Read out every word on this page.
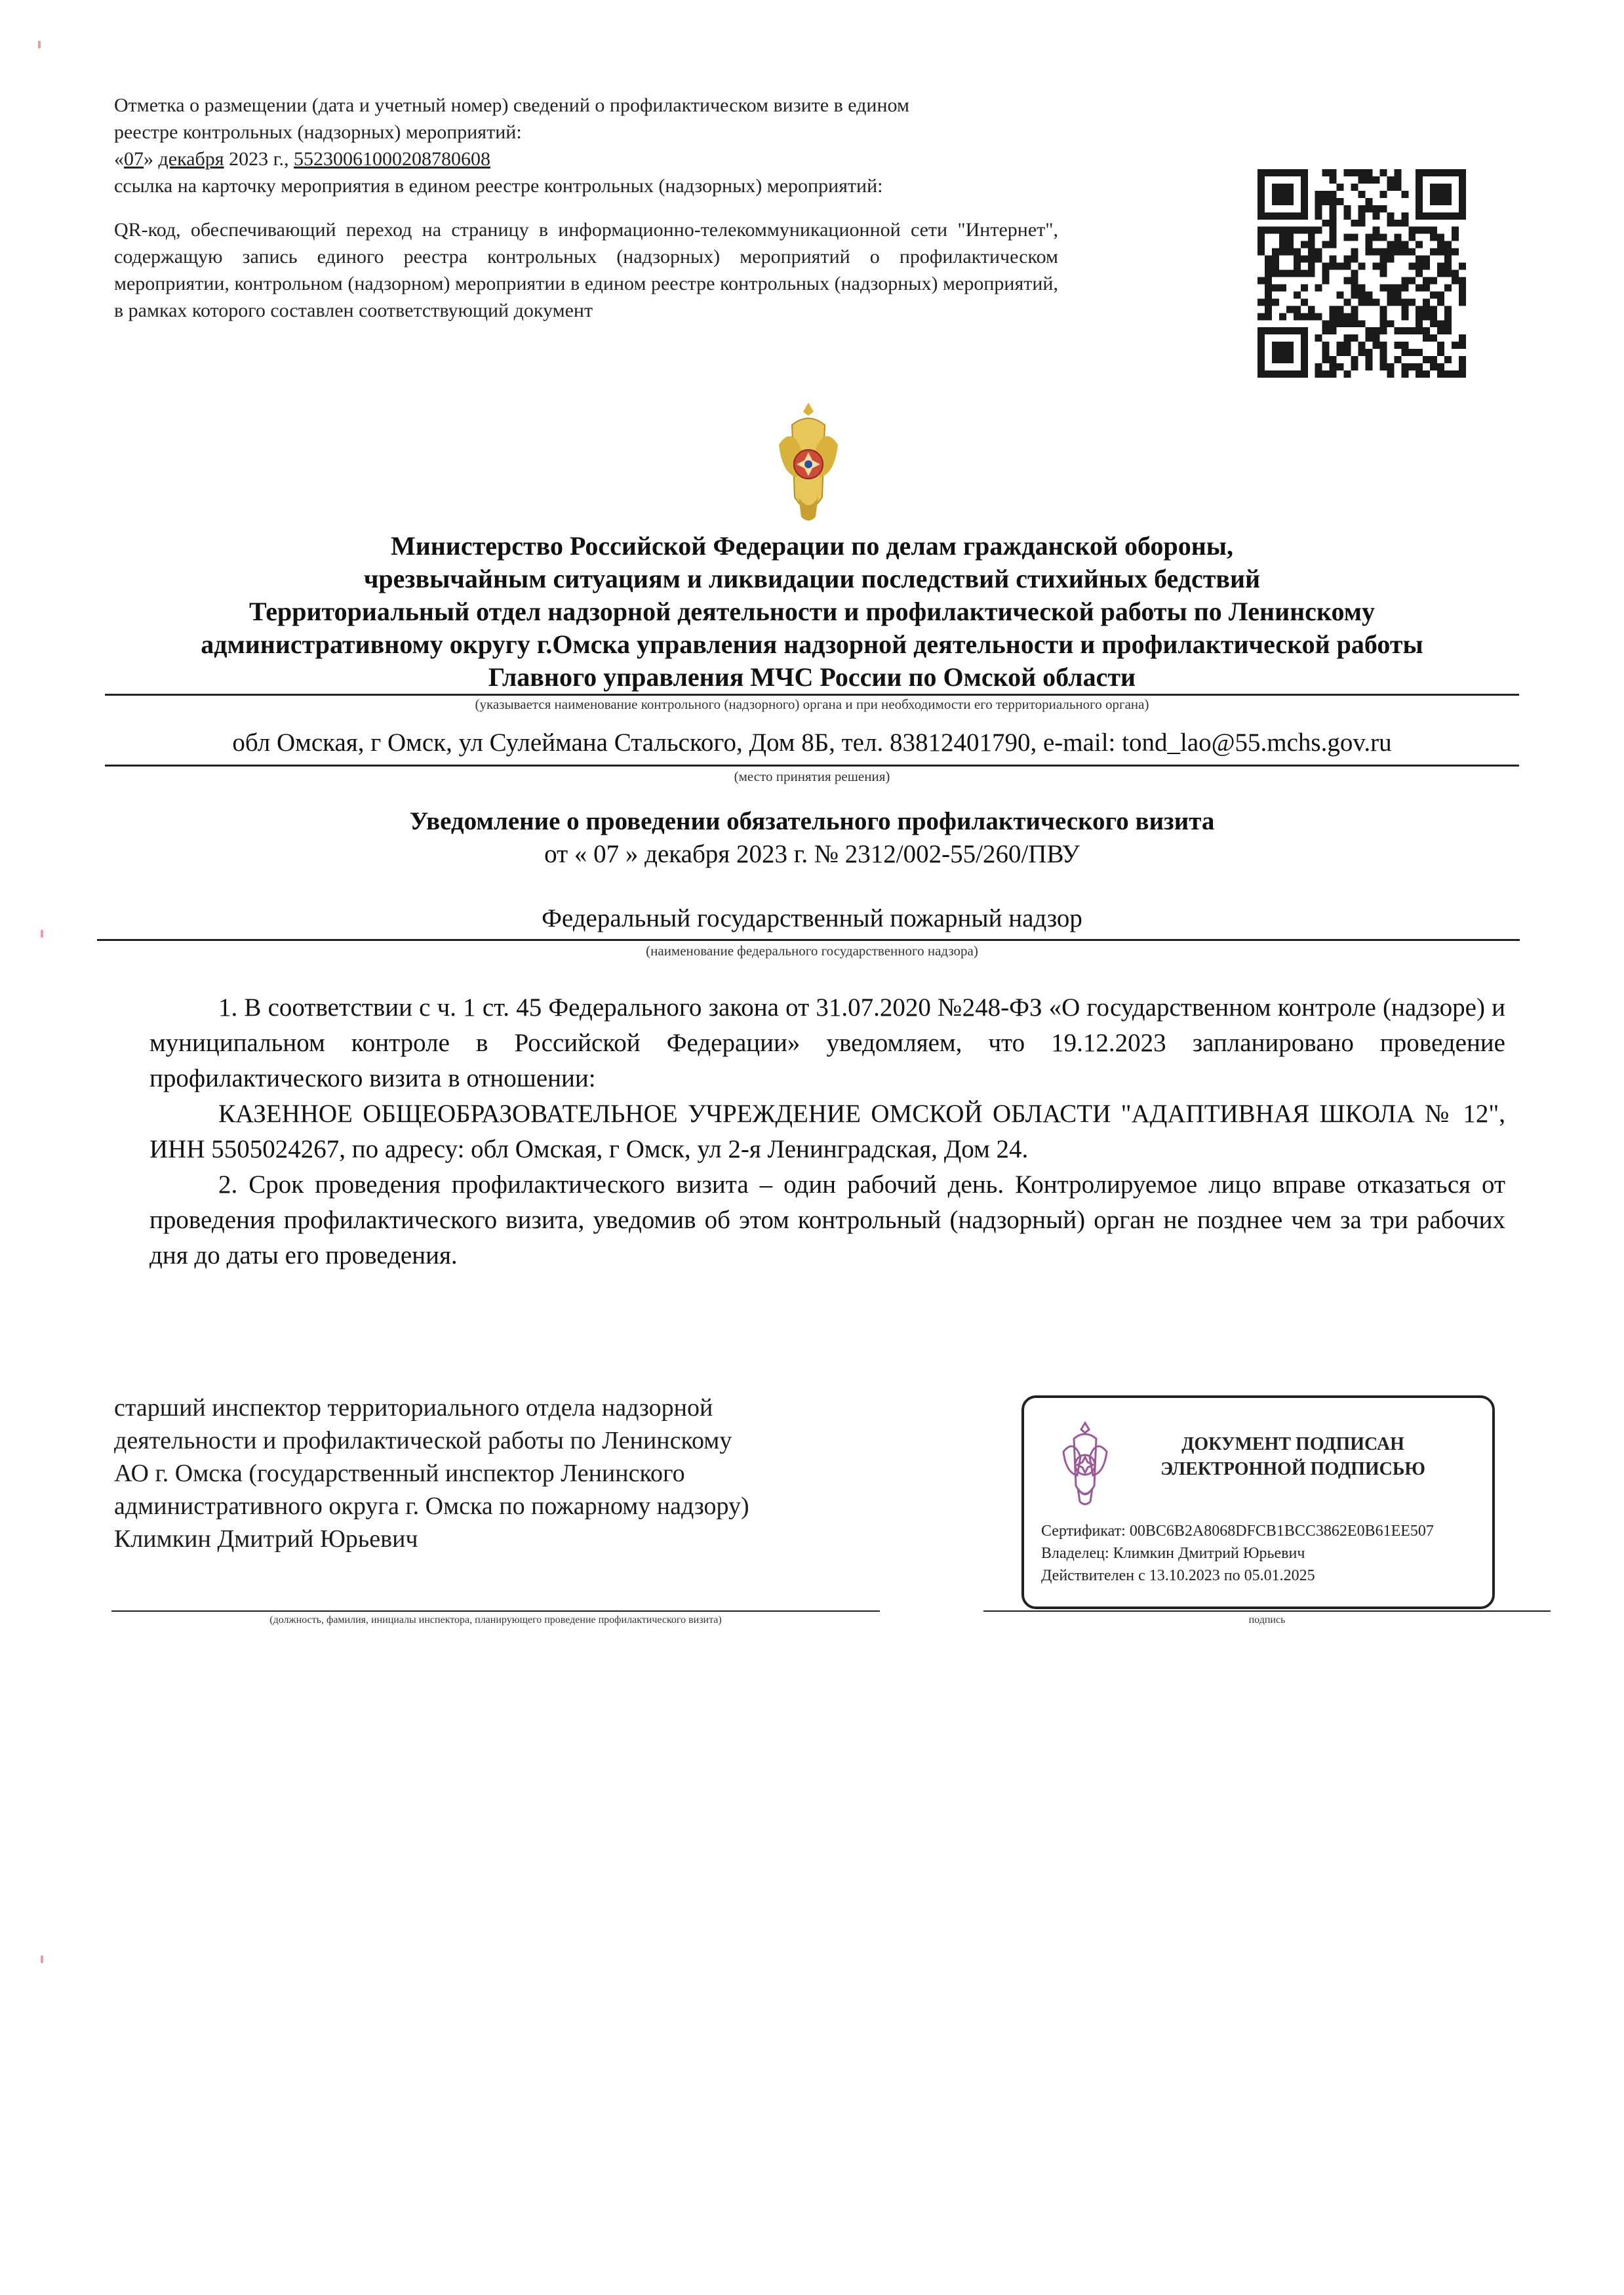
Отметка о размещении (дата и учетный номер) сведений о профилактическом визите в едином
реестре контрольных (надзорных) мероприятий:
«07» декабря 2023 г., 55230061000208780608
ссылка на карточку мероприятия в едином реестре контрольных (надзорных) мероприятий:
QR-код, обеспечивающий переход на страницу в информационно-телекоммуникационной сети "Интернет", содержащую запись единого реестра контрольных (надзорных) мероприятий о профилактическом мероприятии, контрольном (надзорном) мероприятии в едином реестре контрольных (надзорных) мероприятий, в рамках которого составлен соответствующий документ
Министерство Российской Федерации по делам гражданской обороны,
чрезвычайным ситуациям и ликвидации последствий стихийных бедствий
Территориальный отдел надзорной деятельности и профилактической работы по Ленинскому
административному округу г.Омска управления надзорной деятельности и профилактической работы
Главного управления МЧС России по Омской области
(указывается наименование контрольного (надзорного) органа и при необходимости его территориального органа)
обл Омская, г Омск, ул Сулеймана Стальского, Дом 8Б, тел. 83812401790, e-mail: tond_lao@55.mchs.gov.ru
(место принятия решения)
Уведомление о проведении обязательного профилактического визита
от « 07 » декабря 2023 г. № 2312/002-55/260/ПВУ
Федеральный государственный пожарный надзор
(наименование федерального государственного надзора)

1. В соответствии с ч. 1 ст. 45 Федерального закона от 31.07.2020 №248-ФЗ «О государственном контроле (надзоре) и муниципальном контроле в Российской Федерации» уведомляем, что 19.12.2023 запланировано проведение профилактического визита в отношении:

КАЗЕННОЕ ОБЩЕОБРАЗОВАТЕЛЬНОЕ УЧРЕЖДЕНИЕ ОМСКОЙ ОБЛАСТИ "АДАПТИВНАЯ ШКОЛА № 12", ИНН 5505024267, по адресу: обл Омская, г Омск, ул 2-я Ленинградская, Дом 24.

2. Срок проведения профилактического визита – один рабочий день. Контролируемое лицо вправе отказаться от проведения профилактического визита, уведомив об этом контрольный (надзорный) орган не позднее чем за три рабочих дня до даты его проведения.

старший инспектор территориального отдела надзорной
деятельности и профилактической работы по Ленинскому
АО г. Омска (государственный инспектор Ленинского
административного округа г. Омска по пожарному надзору)
Климкин Дмитрий Юрьевич
ДОКУМЕНТ ПОДПИСАН
ЭЛЕКТРОННОЙ ПОДПИСЬЮ
Сертификат: 00BC6B2A8068DFCB1BCC3862E0B61EE507
Владелец: Климкин Дмитрий Юрьевич
Действителен с 13.10.2023 по 05.01.2025
(должность, фамилия, инициалы инспектора, планирующего проведение профилактического визита)	подпись
